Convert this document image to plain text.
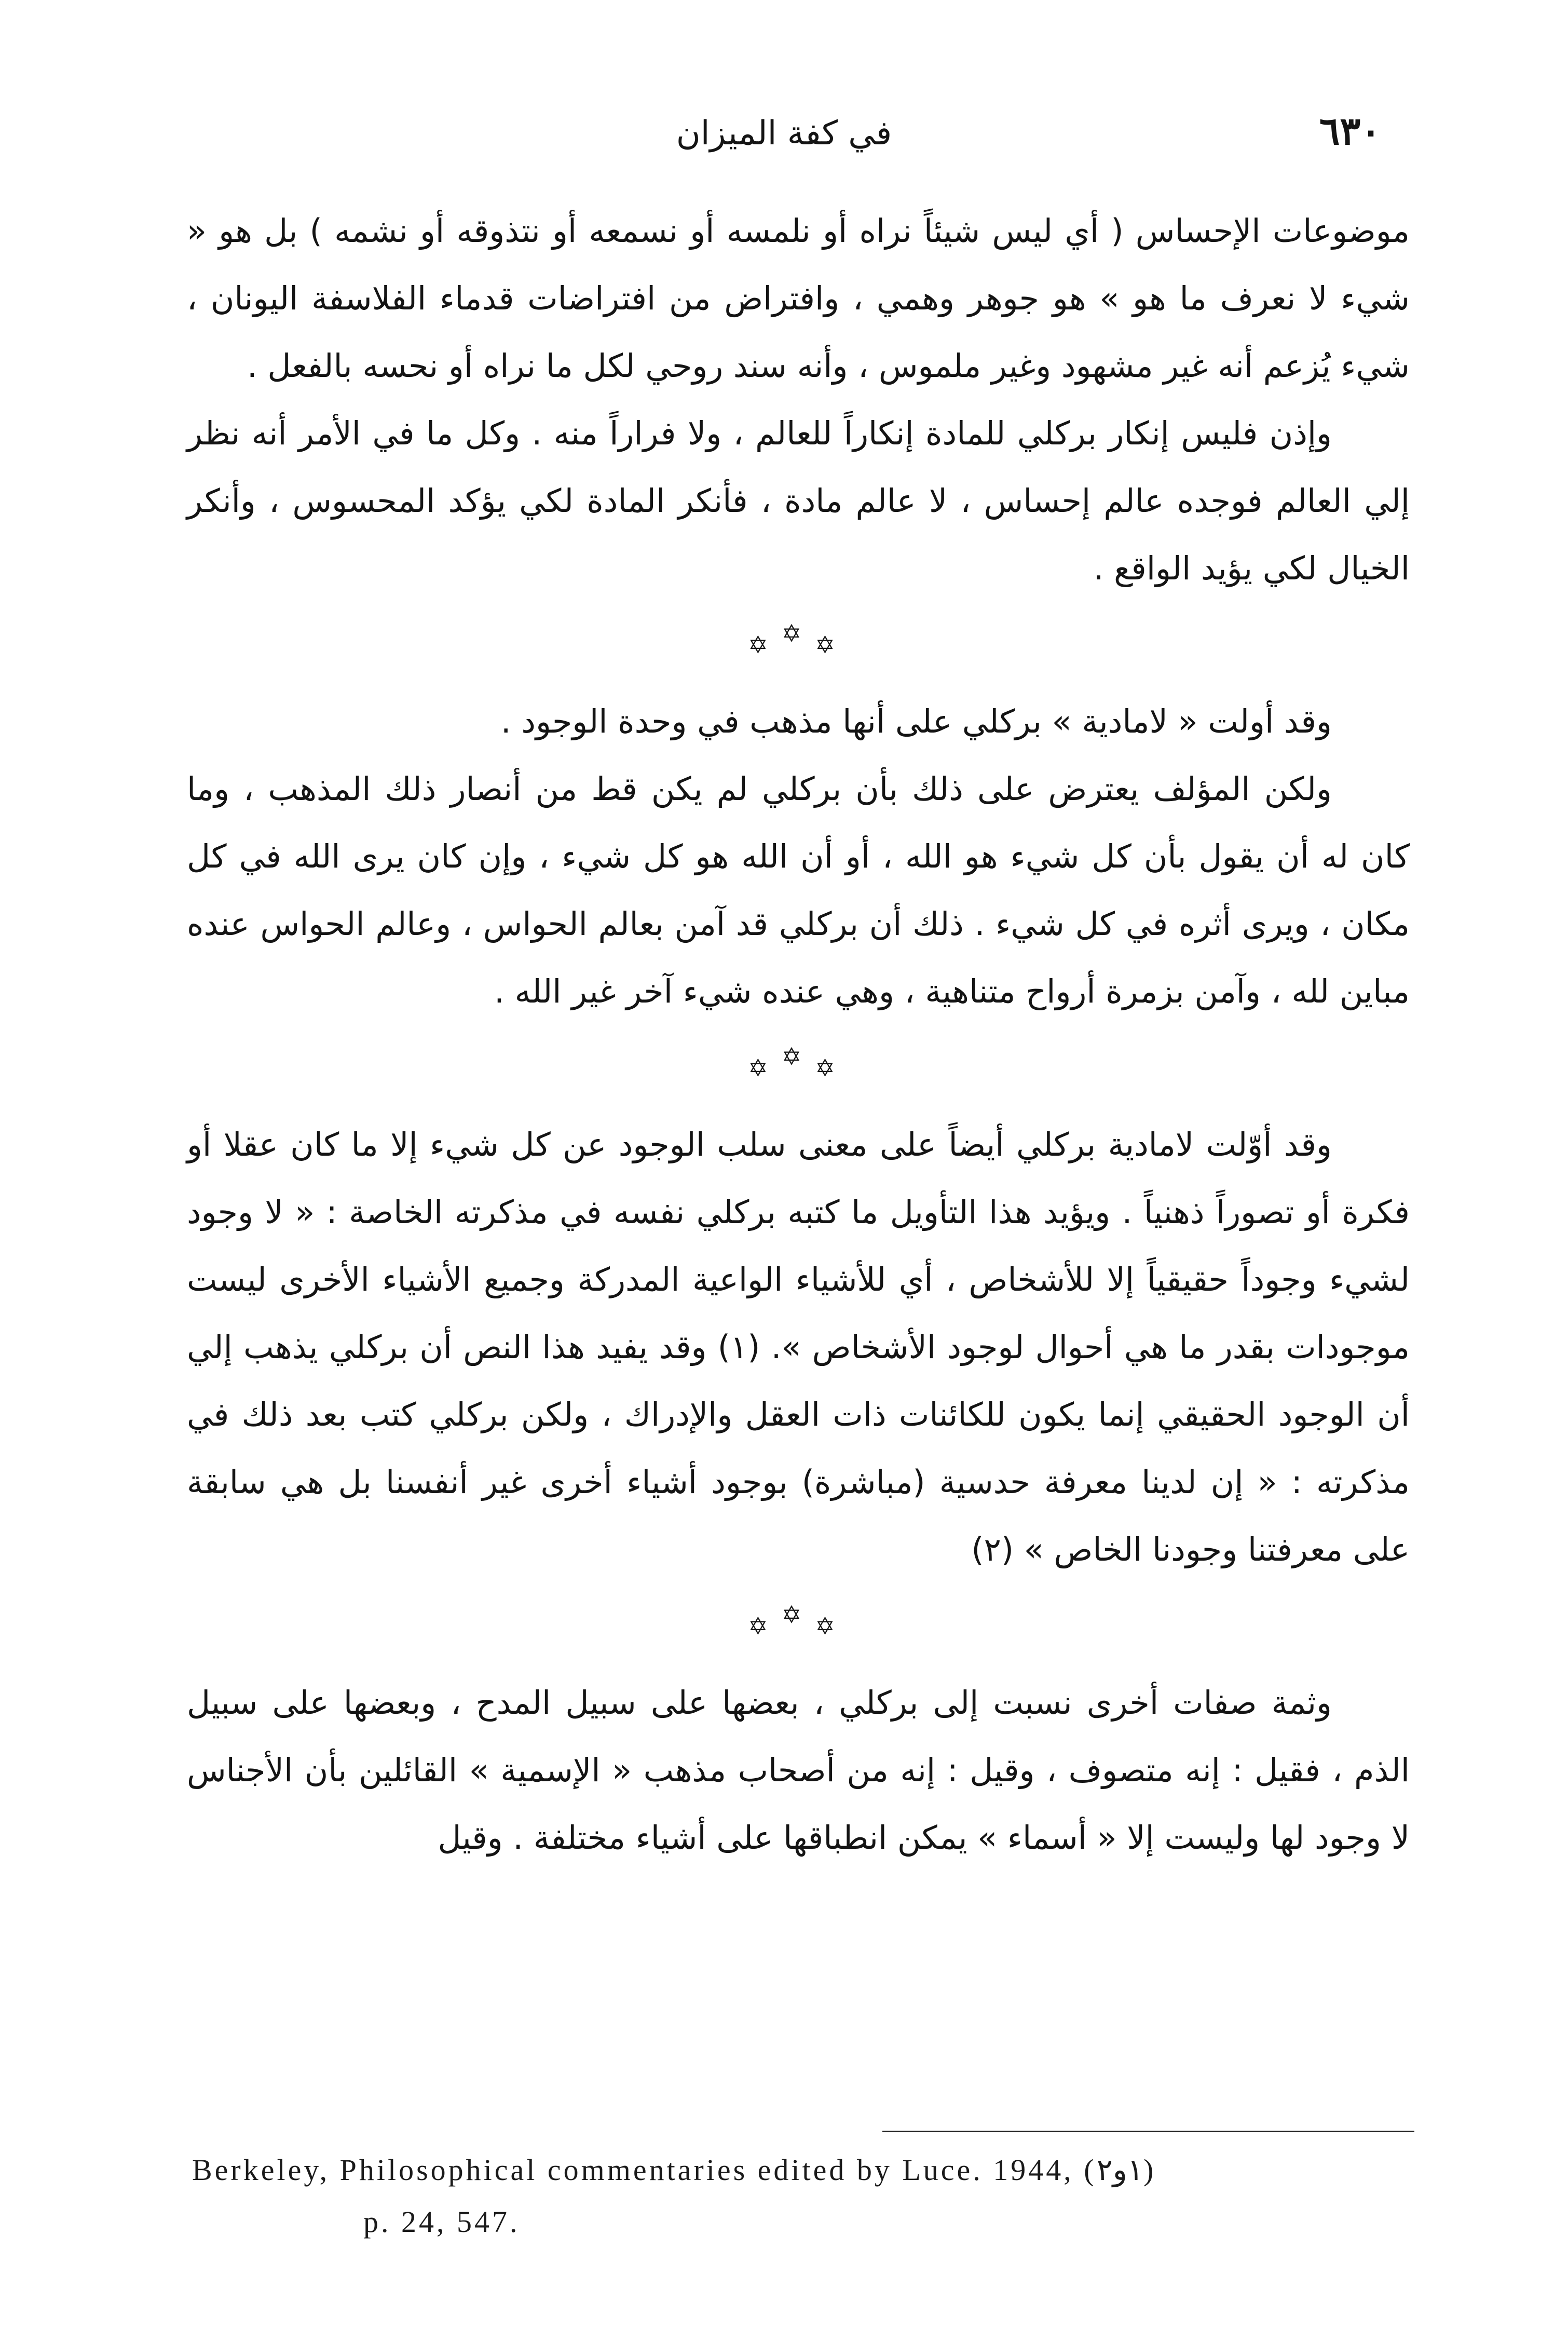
٦٣٠
في كفة الميزان

موضوعات الإحساس ( أي ليس شيئاً نراه أو نلمسه أو نسمعه أو نتذوقه أو نشمه ) بل هو « شيء لا نعرف ما هو » هو جوهر وهمي ، وافتراض من افتراضات قدماء الفلاسفة اليونان ، شيء يُزعم أنه غير مشهود وغير ملموس ، وأنه سند روحي لكل ما نراه أو نحسه بالفعل .

وإذن فليس إنكار بركلي للمادة إنكاراً للعالم ، ولا فراراً منه . وكل ما في الأمر أنه نظر إلي العالم فوجده عالم إحساس ، لا عالم مادة ، فأنكر المادة لكي يؤكد المحسوس ، وأنكر الخيال لكي يؤيد الواقع .

✡✡✡

وقد أولت « لامادية » بركلي على أنها مذهب في وحدة الوجود .

ولكن المؤلف يعترض على ذلك بأن بركلي لم يكن قط من أنصار ذلك المذهب ، وما كان له أن يقول بأن كل شيء هو الله ، أو أن الله هو كل شيء ، وإن كان يرى الله في كل مكان ، ويرى أثره في كل شيء . ذلك أن بركلي قد آمن بعالم الحواس ، وعالم الحواس عنده مباين لله ، وآمن بزمرة أرواح متناهية ، وهي عنده شيء آخر غير الله .

✡✡✡

وقد أوّلت لامادية بركلي أيضاً على معنى سلب الوجود عن كل شيء إلا ما كان عقلا أو فكرة أو تصوراً ذهنياً . ويؤيد هذا التأويل ما كتبه بركلي نفسه في مذكرته الخاصة : « لا وجود لشيء وجوداً حقيقياً إلا للأشخاص ، أي للأشياء الواعية المدركة وجميع الأشياء الأخرى ليست موجودات بقدر ما هي أحوال لوجود الأشخاص ». (١) وقد يفيد هذا النص أن بركلي يذهب إلي أن الوجود الحقيقي إنما يكون للكائنات ذات العقل والإدراك ، ولكن بركلي كتب بعد ذلك في مذكرته : « إن لدينا معرفة حدسية (مباشرة) بوجود أشياء أخرى غير أنفسنا بل هي سابقة على معرفتنا وجودنا الخاص » (٢)

✡✡✡

وثمة صفات أخرى نسبت إلى بركلي ، بعضها على سبيل المدح ، وبعضها على سبيل الذم ، فقيل : إنه متصوف ، وقيل : إنه من أصحاب مذهب « الإسمية » القائلين بأن الأجناس لا وجود لها وليست إلا « أسماء » يمكن انطباقها على أشياء مختلفة . وقيل

Berkeley, Philosophical commentaries edited by Luce. 1944, (١و٢)
p. 24, 547.
